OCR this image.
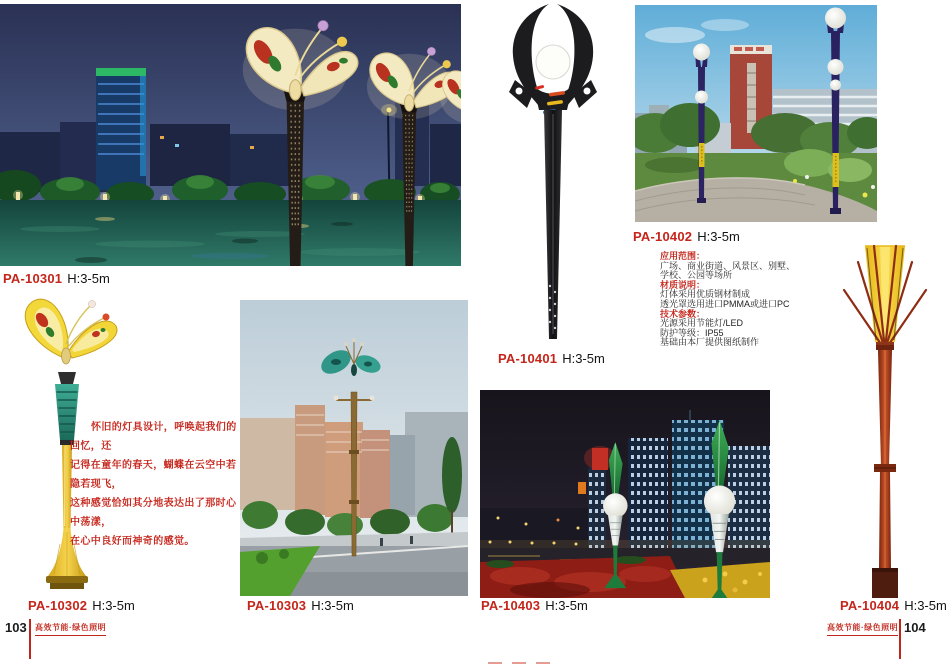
PA-10301 H:3-5m
PA-10302 H:3-5m
怀旧的灯具设计，呼唤起我们的回忆，还
记得在童年的春天，蝴蝶在云空中若隐若现飞，
这种感觉恰如其分地表达出了那时心中荡漾，
在心中良好而神奇的感觉。
PA-10303 H:3-5m
PA-10401 H:3-5m
PA-10402 H:3-5m
应用范围：
广场、商业街道、风景区、别墅、
学校、公园等场所
材质说明：
灯体采用优质钢材制成
透光罩选用进口PMMA或进口PC
技术参数：
光源采用节能灯/LED
防护等级：IP55
基础由本厂提供图纸制作
PA-10403 H:3-5m	PA-10404 H:3-5m
103 高效节能·绿色照明	高效节能·绿色照明 104
